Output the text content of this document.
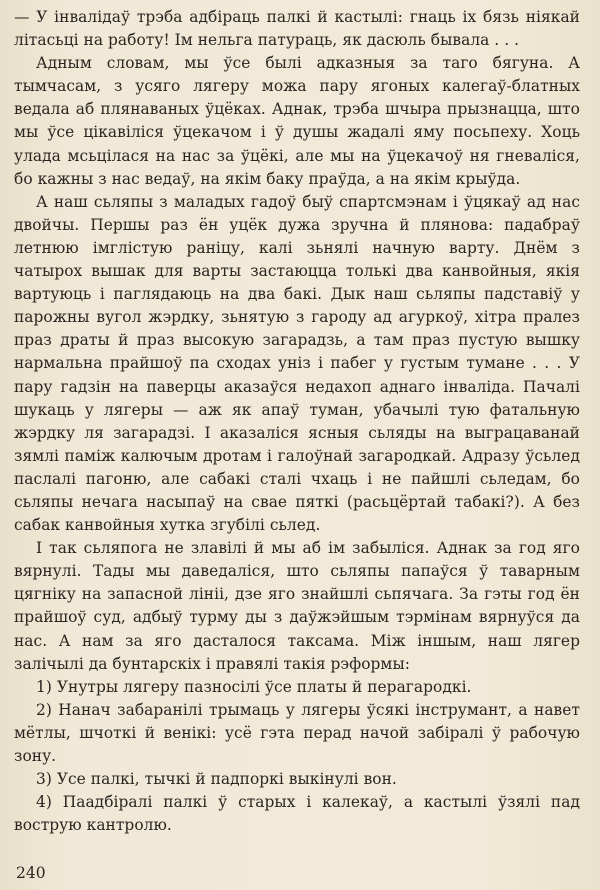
— У інвалідаў трэба адбіраць палкі й кастылі: гнаць іх бязь ніякай літасьці на работу! Ім нельга патураць, як дасюль бывала . . .

Адным словам, мы ўсе былі адказныя за таго бягуна. А тымчасам, з усяго лягеру можа пару ягоных калегаў-блатных ведала аб плянаваных ўцёках. Аднак, трэба шчыра прызнацца, што мы ўсе цікавіліся ўцекачом і ў душы жадалі яму посьпеху. Хоць улада мсьцілася на нас за ўцёкі, але мы на ўцекачоў ня гневаліся, бо кажны з нас ведаў, на якім баку праўда, а на якім крыўда.

А наш сьляпы з маладых гадоў быў спартсмэнам і ўцякаў ад нас двойчы. Першы раз ён уцёк дужа зручна й плянова: падабраў летнюю імглістую раніцу, калі зьнялі начную варту. Днём з чатырох вышак для варты застаюцца толькі два канвойныя, якія вартуюць і паглядаюць на два бакі. Дык наш сьляпы падставіў у парожны вугол жэрдку, зьнятую з гароду ад агуркоў, хітра пралез праз драты й праз высокую загарадзь, а там праз пустую вышку нармальна прайшоў па сходах уніз і пабег у густым тумане . . . У пару гадзін на паверцы аказаўся недахоп аднаго інваліда. Пачалі шукаць у лягеры — аж як апаў туман, убачылі тую фатальную жэрдку ля загарадзі. І аказаліся ясныя сьляды на выграцаванай зямлі паміж калючым дротам і галоўнай загародкай. Адразу ўсьлед паслалі пагоню, але сабакі сталі чхаць і не пайшлі сьледам, бо сьляпы нечага насыпаў на свае пяткі (расьцёртай табакі?). А без сабак канвойныя хутка згубілі сьлед.

І так сьляпога не злавілі й мы аб ім забыліся. Аднак за год яго вярнулі. Тады мы даведаліся, што сьляпы папаўся ў таварным цягніку на запасной лініі, дзе яго знайшлі сьпячага. За гэты год ён прайшоў суд, адбыў турму ды з даўжэйшым тэрмінам вярнуўся да нас. А нам за яго дасталося таксама. Між іншым, наш лягер залічылі да бунтарскіх і правялі такія рэформы:

1) Унутры лягеру пазносілі ўсе платы й перагародкі.

2) Нанач забаранілі трымаць у лягеры ўсякі інструмант, а навет мётлы, шчоткі й венікі: усё гэта перад начой забіралі ў рабочую зону.

3) Усе палкі, тычкі й падпоркі выкінулі вон.

4) Паадбіралі палкі ў старых і калекаў, а кастылі ўзялі пад вострую кантролю.

240
